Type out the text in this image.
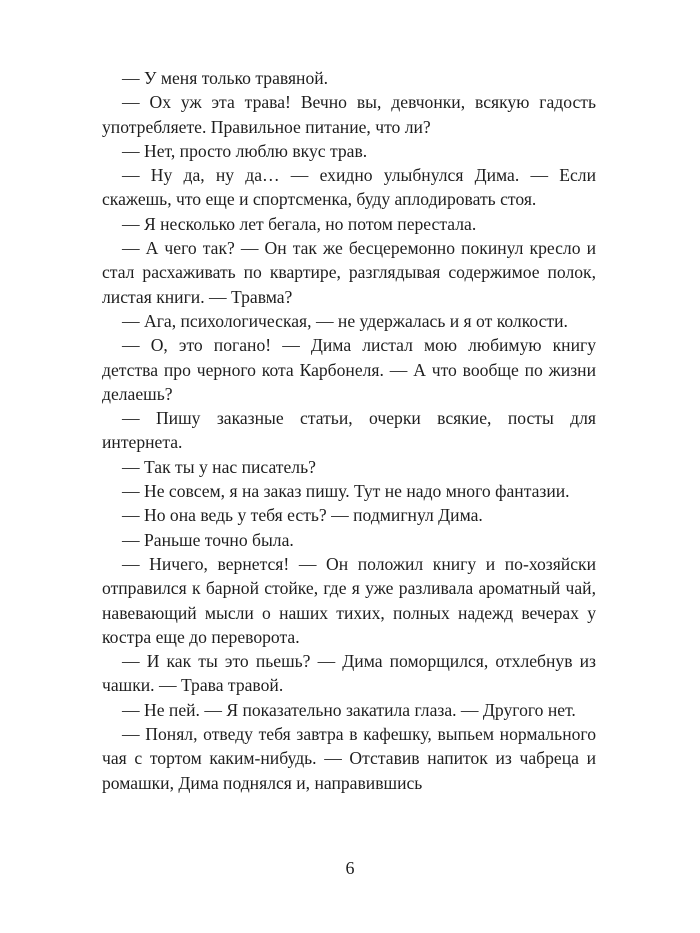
— У меня только травяной.

— Ох уж эта трава! Вечно вы, девчонки, всякую гадость употребляете. Правильное питание, что ли?

— Нет, просто люблю вкус трав.

— Ну да, ну да… — ехидно улыбнулся Дима. — Если скажешь, что еще и спортсменка, буду аплодировать стоя.

— Я несколько лет бегала, но потом перестала.

— А чего так? — Он так же бесцеремонно покинул кресло и стал расхаживать по квартире, разглядывая содержимое полок, листая книги. — Травма?

— Ага, психологическая, — не удержалась и я от колкости.

— О, это погано! — Дима листал мою любимую книгу детства про черного кота Карбонеля. — А что вообще по жизни делаешь?

— Пишу заказные статьи, очерки всякие, посты для интернета.

— Так ты у нас писатель?

— Не совсем, я на заказ пишу. Тут не надо много фантазии.

— Но она ведь у тебя есть? — подмигнул Дима.

— Раньше точно была.

— Ничего, вернется! — Он положил книгу и по-хозяйски отправился к барной стойке, где я уже разливала ароматный чай, навевающий мысли о наших тихих, полных надежд вечерах у костра еще до переворота.

— И как ты это пьешь? — Дима поморщился, отхлебнув из чашки. — Трава травой.

— Не пей. — Я показательно закатила глаза. — Другого нет.

— Понял, отведу тебя завтра в кафешку, выпьем нормального чая с тортом каким-нибудь. — Отставив напиток из чабреца и ромашки, Дима поднялся и, направившись

6
